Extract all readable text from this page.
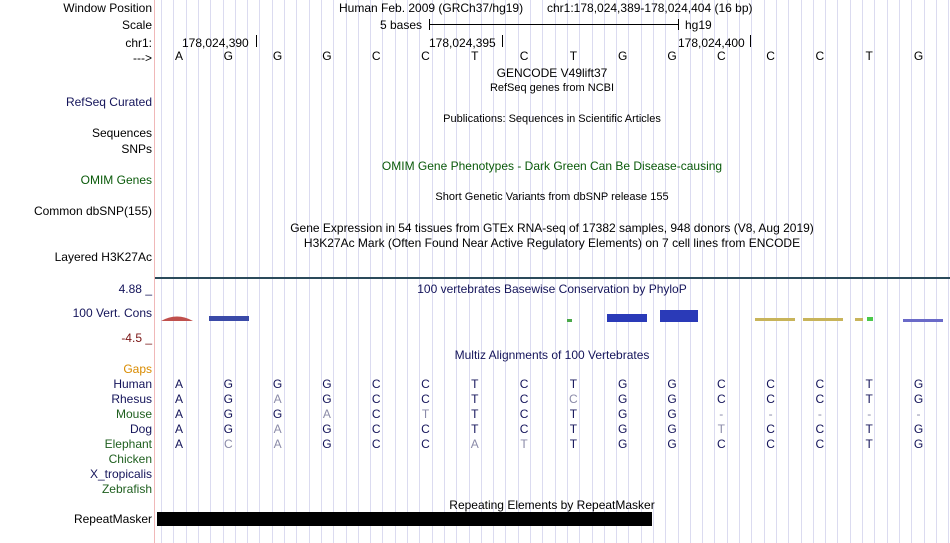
Window Position	Human Feb. 2009 (GRCh37/hg19) chr1:178,024,389-178,024,404 (16 bp)
Scale	5 bases	hg19
chr1:	178,024,390	178,024,395	178,024,400
---> A	G	G	G	C	C	T	C	T	G	G	C	C	C	T	G
GENCODE V49lift37
RefSeq genes from NCBI
RefSeq Curated
Publications: Sequences in Scientific Articles
Sequences
SNPs
OMIM Gene Phenotypes - Dark Green Can Be Disease-causing
OMIM Genes
Short Genetic Variants from dbSNP release 155
Common dbSNP(155)
Gene Expression in 54 tissues from GTEx RNA-seq of 17382 samples, 948 donors (V8, Aug 2019)
H3K27Ac Mark (Often Found Near Active Regulatory Elements) on 7 cell lines from ENCODE
Layered H3K27Ac
4.88 _	100 vertebrates Basewise Conservation by PhyloP
100 Vert. Cons
-4.5 _
Gaps
Multiz Alignments of 100 Vertebrates
Human A	G	G	G	C	C	T	C	T	G	G	C	C	C	T	G
Rhesus A	G	A	G	C	C	T	C	C	G	G	C	C	C	T	G
Mouse A	G	G	A	C	T	T	C	T	G	G	-	-	-	-	-
Dog A	G	A	G	C	C	T	C	T	G	G	T	C	C	T	G
Elephant A	C	A	G	C	C	A	T	T	G	G	C	C	C	T	G
Chicken
X_tropicalis
Zebrafish
Repeating Elements by RepeatMasker
RepeatMasker
